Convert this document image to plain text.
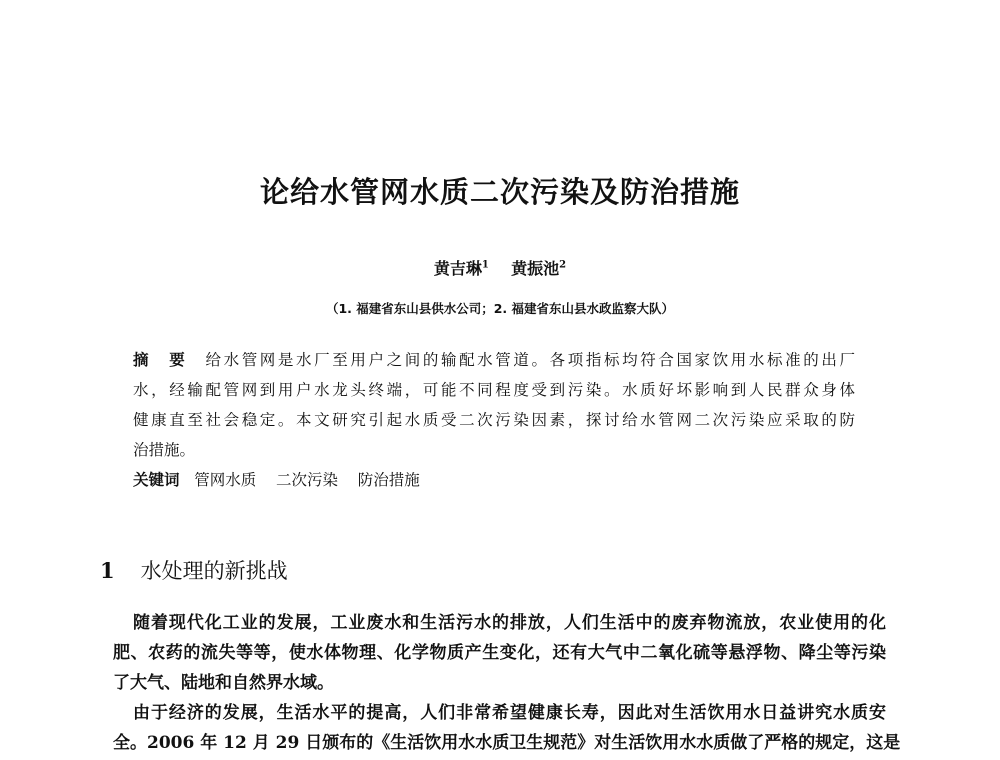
论给水管网水质二次污染及防治措施
黄吉琳$^1$ 黄振池$^2$
（1. 福建省东山县供水公司；2. 福建省东山县水政监察大队）
摘　要　 给水管网是水厂至用户之间的输配水管道。各项指标均符合国家饮用水标准的出厂
水，经输配管网到用户水龙头终端，可能不同程度受到污染。水质好坏影响到人民群众身体
健康直至社会稳定。本文研究引起水质受二次污染因素，探讨给水管网二次污染应采取的防
治措施。
关键词 管网水质 二次污染 防治措施
1 水处理的新挑战
随着现代化工业的发展，工业废水和生活污水的排放，人们生活中的废弃物流放，农业使用的化
肥、农药的流失等等，使水体物理、化学物质产生变化，还有大气中二氧化硫等悬浮物、降尘等污染
了大气、陆地和自然界水域。
由于经济的发展，生活水平的提高，人们非常希望健康长寿，因此对生活饮用水日益讲究水质安
全。2006 年 12 月 29 日颁布的《生活饮用水水质卫生规范》对生活饮用水水质做了严格的规定，这是
